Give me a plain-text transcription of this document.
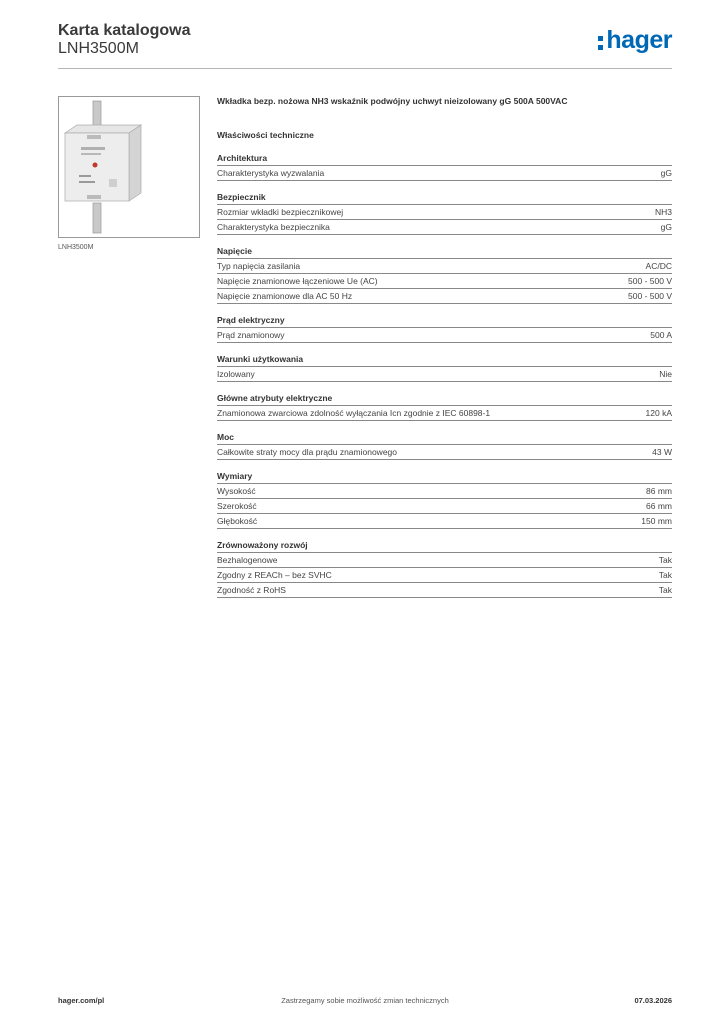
Karta katalogowa
LNH3500M	hager
LNH3500M
Wkładka bezp. nożowa NH3 wskaźnik podwójny uchwyt nieizolowany gG 500A 500VAC
Właściwości techniczne
Architektura
Charakterystyka wyzwalania	gG
Bezpiecznik
Rozmiar wkładki bezpiecznikowej	NH3
Charakterystyka bezpiecznika	gG
Napięcie
Typ napięcia zasilania	AC/DC
Napięcie znamionowe łączeniowe Ue (AC)	500 - 500 V
Napięcie znamionowe dla AC 50 Hz	500 - 500 V
Prąd elektryczny
Prąd znamionowy	500 A
Warunki użytkowania
Izolowany	Nie
Główne atrybuty elektryczne
Znamionowa zwarciowa zdolność wyłączania Icn zgodnie z IEC 60898-1	120 kA
Moc
Całkowite straty mocy dla prądu znamionowego	43 W
Wymiary
Wysokość	86 mm
Szerokość	66 mm
Głębokość	150 mm
Zrównoważony rozwój
Bezhalogenowe	Tak
Zgodny z REACh – bez SVHC	Tak
Zgodność z RoHS	Tak
hager.com/pl	Zastrzegamy sobie możliwość zmian technicznych	07.03.2026
